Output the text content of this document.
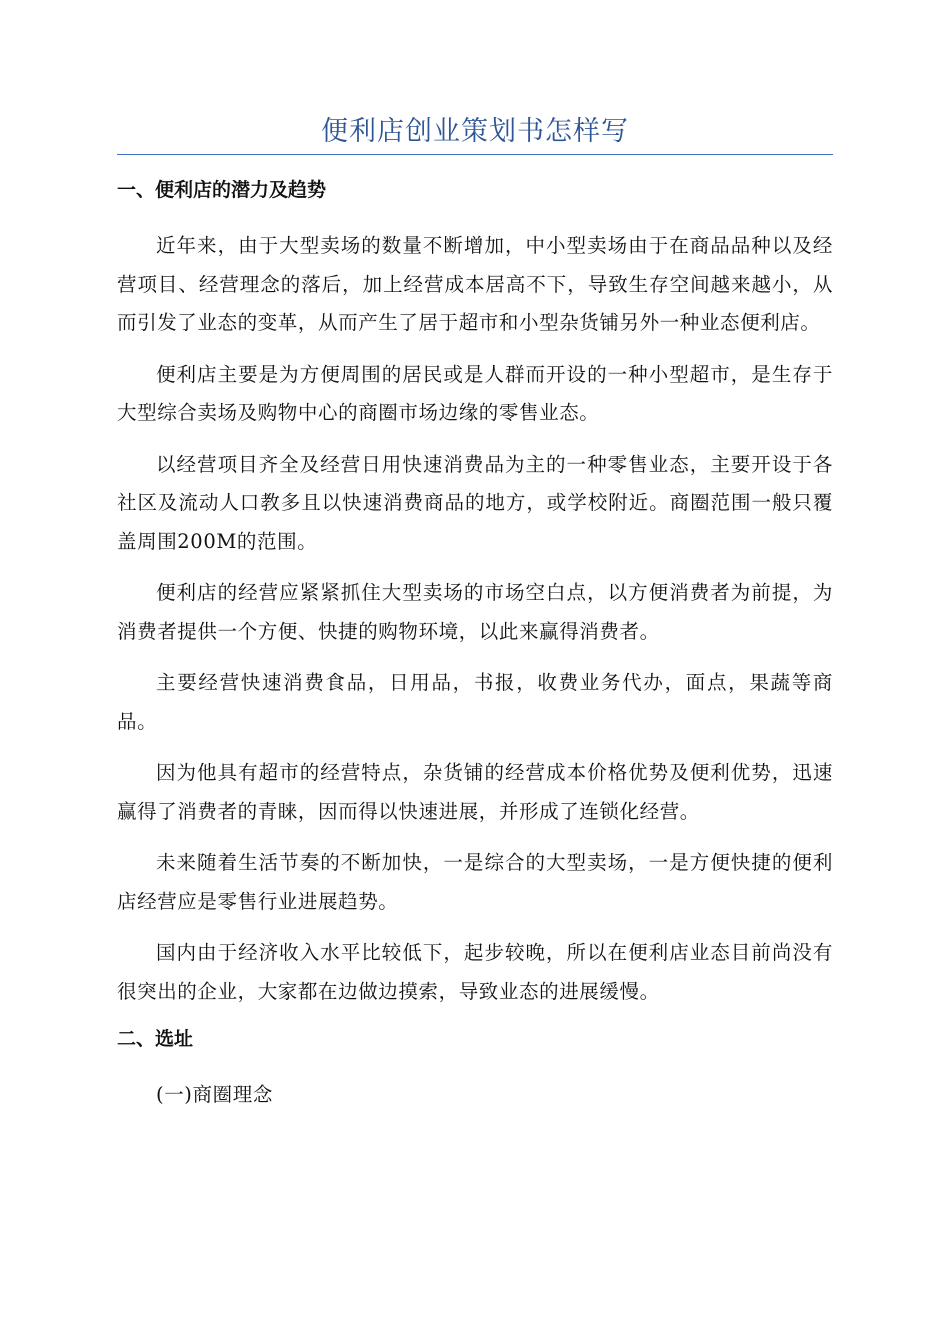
便利店创业策划书怎样写
一、便利店的潜力及趋势

近年来，由于大型卖场的数量不断增加，中小型卖场由于在商品品种以及经营项目、经营理念的落后，加上经营成本居高不下，导致生存空间越来越小，从而引发了业态的变革，从而产生了居于超市和小型杂货铺另外一种业态便利店。

便利店主要是为方便周围的居民或是人群而开设的一种小型超市，是生存于大型综合卖场及购物中心的商圈市场边缘的零售业态。

以经营项目齐全及经营日用快速消费品为主的一种零售业态，主要开设于各社区及流动人口教多且以快速消费商品的地方，或学校附近。商圈范围一般只覆盖周围200M的范围。

便利店的经营应紧紧抓住大型卖场的市场空白点，以方便消费者为前提，为消费者提供一个方便、快捷的购物环境，以此来赢得消费者。

主要经营快速消费食品，日用品，书报，收费业务代办，面点，果蔬等商品。

因为他具有超市的经营特点，杂货铺的经营成本价格优势及便利优势，迅速赢得了消费者的青睐，因而得以快速进展，并形成了连锁化经营。

未来随着生活节奏的不断加快，一是综合的大型卖场，一是方便快捷的便利店经营应是零售行业进展趋势。

国内由于经济收入水平比较低下，起步较晚，所以在便利店业态目前尚没有很突出的企业，大家都在边做边摸索，导致业态的进展缓慢。

二、选址

(一)商圈理念
